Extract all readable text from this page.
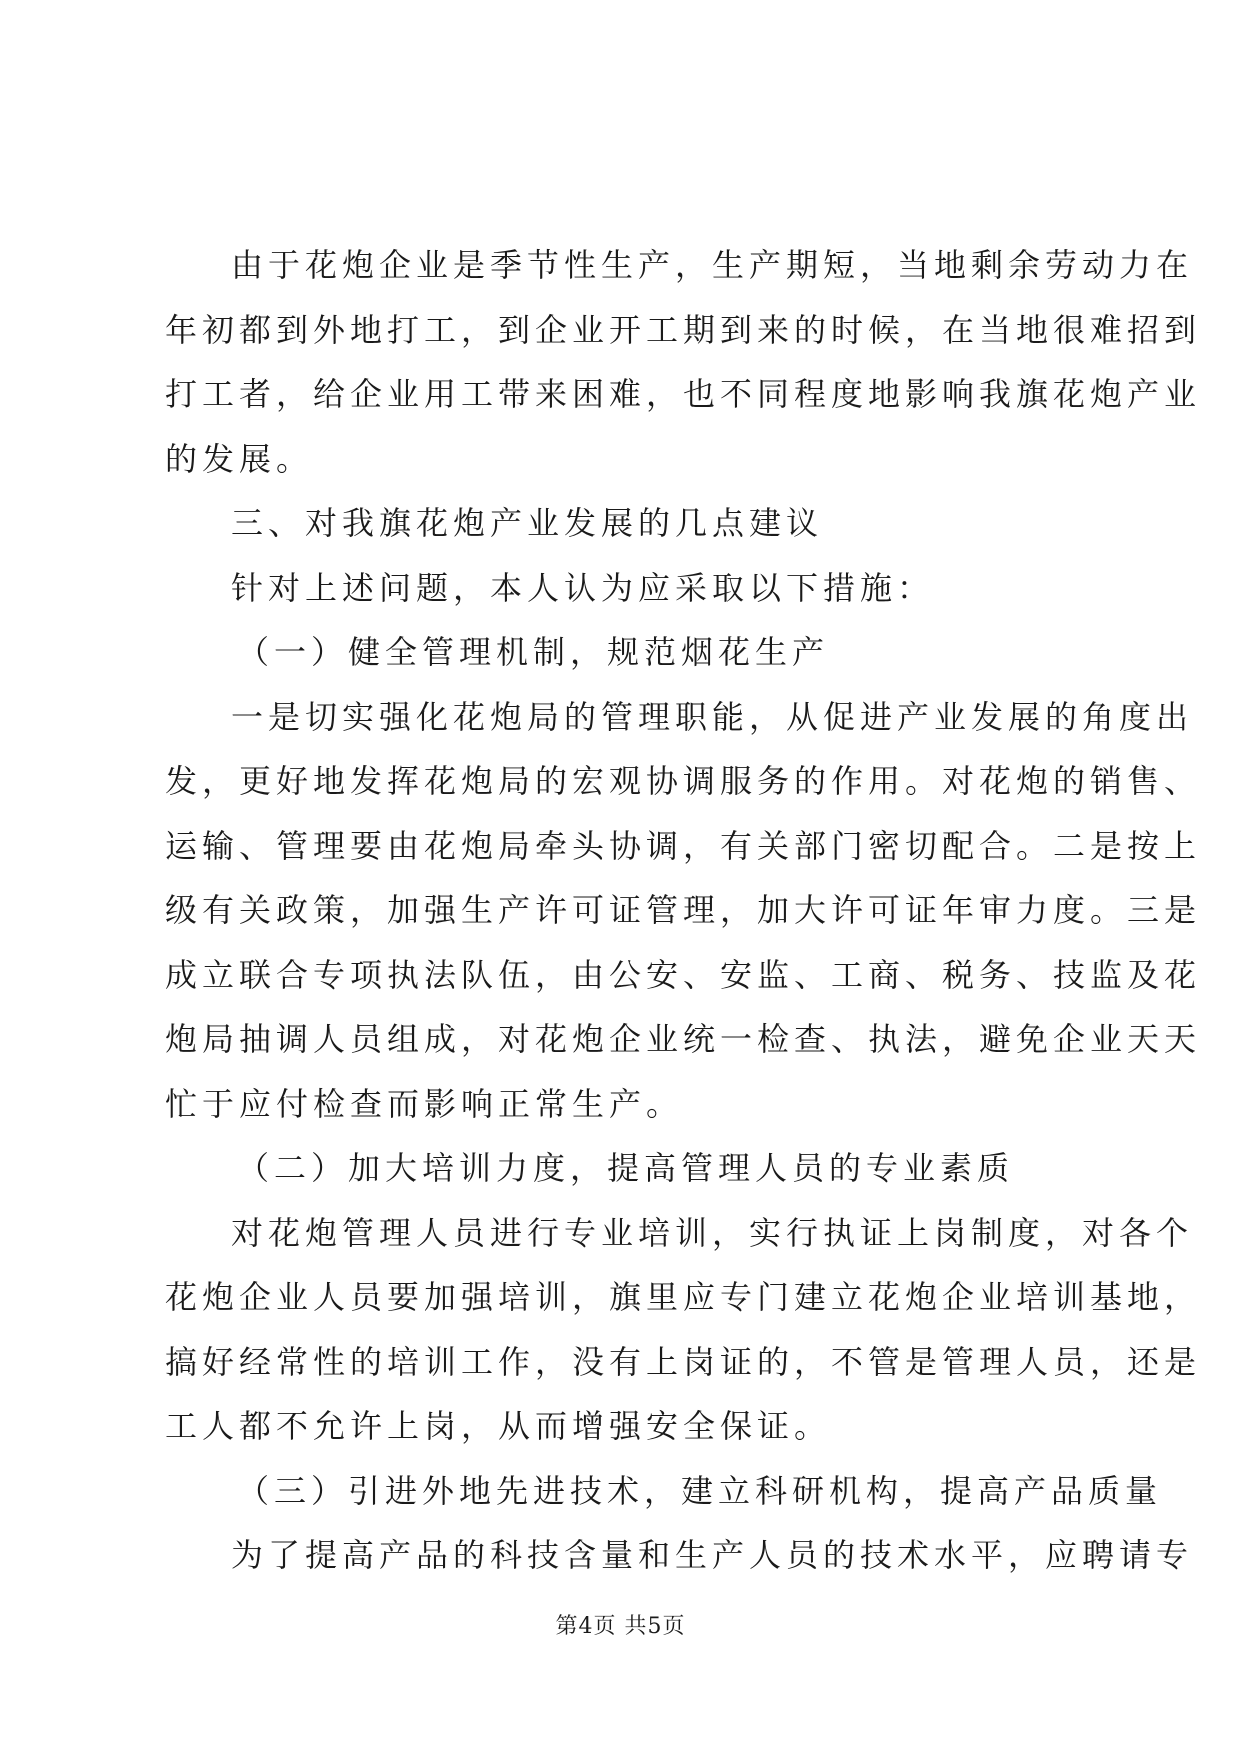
由于花炮企业是季节性生产，生产期短，当地剩余劳动力在
年初都到外地打工，到企业开工期到来的时候，在当地很难招到
打工者，给企业用工带来困难，也不同程度地影响我旗花炮产业
的发展。
三、对我旗花炮产业发展的几点建议
针对上述问题，本人认为应采取以下措施：
（一）健全管理机制，规范烟花生产
一是切实强化花炮局的管理职能，从促进产业发展的角度出
发，更好地发挥花炮局的宏观协调服务的作用。对花炮的销售、
运输、管理要由花炮局牵头协调，有关部门密切配合。二是按上
级有关政策，加强生产许可证管理，加大许可证年审力度。三是
成立联合专项执法队伍，由公安、安监、工商、税务、技监及花
炮局抽调人员组成，对花炮企业统一检查、执法，避免企业天天
忙于应付检查而影响正常生产。
（二）加大培训力度，提高管理人员的专业素质
对花炮管理人员进行专业培训，实行执证上岗制度，对各个
花炮企业人员要加强培训，旗里应专门建立花炮企业培训基地，
搞好经常性的培训工作，没有上岗证的，不管是管理人员，还是
工人都不允许上岗，从而增强安全保证。
（三）引进外地先进技术，建立科研机构，提高产品质量
为了提高产品的科技含量和生产人员的技术水平，应聘请专
第4页 共5页
